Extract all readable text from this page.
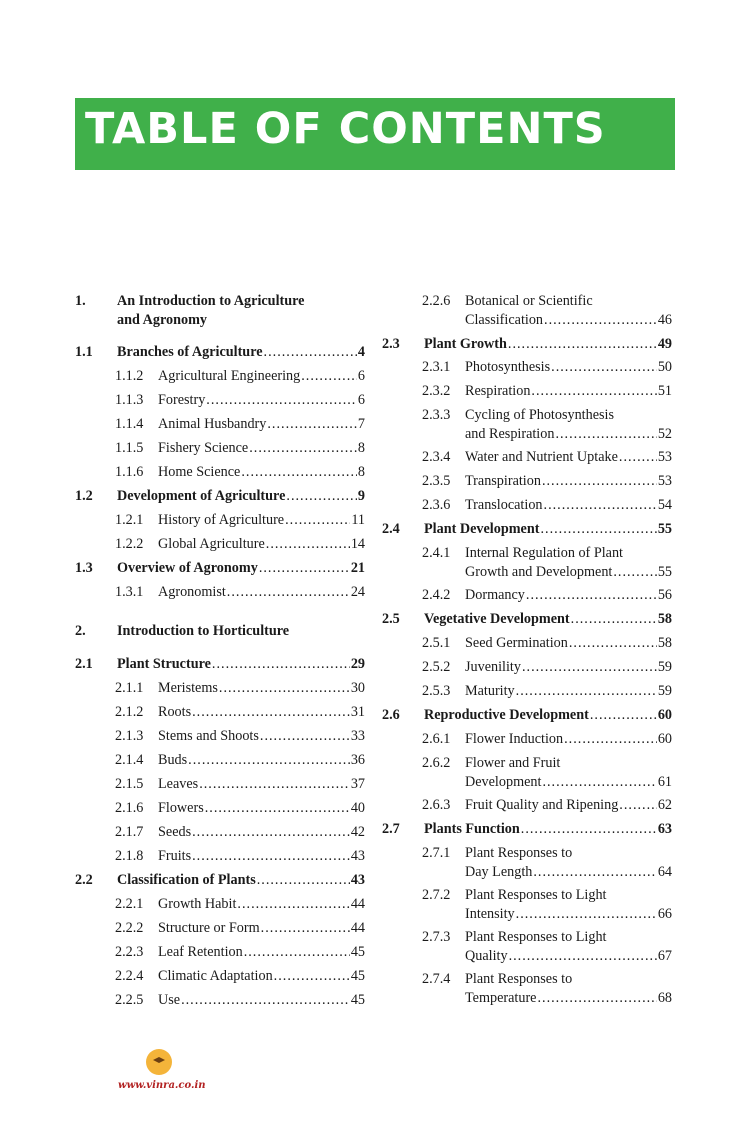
TABLE OF CONTENTS
1. An Introduction to Agriculture
and Agronomy
1.1 Branches of Agriculture .....	4
1.1.2 Agricultural Engineering .....	6
1.1.3 Forestry .....	6
1.1.4 Animal Husbandry .....	7
1.1.5 Fishery Science .....	8
1.1.6 Home Science .....	8
1.2 Development of Agriculture .....	9
1.2.1 History of Agriculture .....	11
1.2.2 Global Agriculture .....	14
1.3 Overview of Agronomy .....	21
1.3.1 Agronomist .....	24
2. Introduction to Horticulture
2.1 Plant Structure .....	29
2.1.1 Meristems .....	30
2.1.2 Roots .....	31
2.1.3 Stems and Shoots .....	33
2.1.4 Buds .....	36
2.1.5 Leaves .....	37
2.1.6 Flowers .....	40
2.1.7 Seeds .....	42
2.1.8 Fruits .....	43
2.2 Classification of Plants .....	43
2.2.1 Growth Habit .....	44
2.2.2 Structure or Form .....	44
2.2.3 Leaf Retention .....	45
2.2.4 Climatic Adaptation .....	45
2.2.5 Use .....	45
2.2.6 Botanical or Scientific
Classification .....	46
2.3 Plant Growth .....	49
2.3.1 Photosynthesis .....	50
2.3.2 Respiration .....	51
2.3.3 Cycling of Photosynthesis
and Respiration .....	52
2.3.4 Water and Nutrient Uptake .....	53
2.3.5 Transpiration .....	53
2.3.6 Translocation .....	54
2.4 Plant Development .....	55
2.4.1 Internal Regulation of Plant
Growth and Development .....	55
2.4.2 Dormancy .....	56
2.5 Vegetative Development .....	58
2.5.1 Seed Germination .....	58
2.5.2 Juvenility .....	59
2.5.3 Maturity .....	59
2.6 Reproductive Development .....	60
2.6.1 Flower Induction .....	60
2.6.2 Flower and Fruit
Development .....	61
2.6.3 Fruit Quality and Ripening .....	62
2.7 Plants Function .....	63
2.7.1 Plant Responses to
Day Length .....	64
2.7.2 Plant Responses to Light
Intensity .....	66
2.7.3 Plant Responses to Light
Quality .....	67
2.7.4 Plant Responses to
Temperature .....	68
www.vinra.co.in
